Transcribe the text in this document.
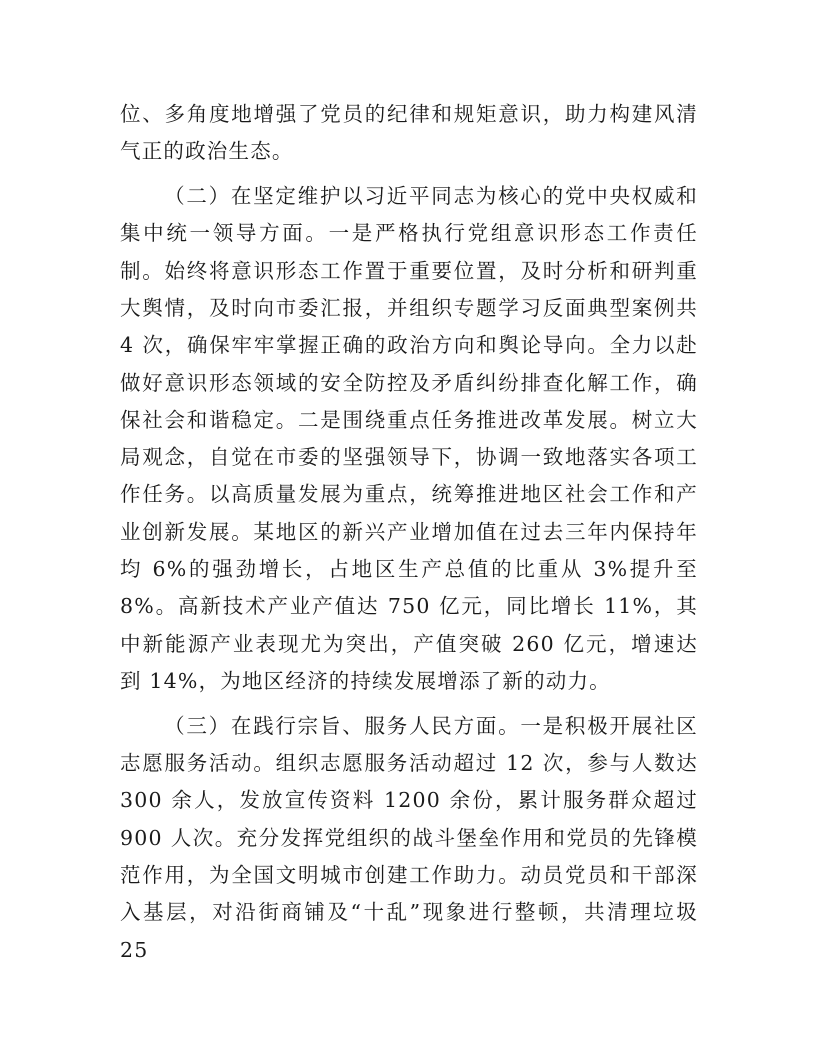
位、多角度地增强了党员的纪律和规矩意识，助力构建风清气正的政治生态。

（二）在坚定维护以习近平同志为核心的党中央权威和集中统一领导方面。一是严格执行党组意识形态工作责任制。始终将意识形态工作置于重要位置，及时分析和研判重大舆情，及时向市委汇报，并组织专题学习反面典型案例共 4 次，确保牢牢掌握正确的政治方向和舆论导向。全力以赴做好意识形态领域的安全防控及矛盾纠纷排查化解工作，确保社会和谐稳定。二是围绕重点任务推进改革发展。树立大局观念，自觉在市委的坚强领导下，协调一致地落实各项工作任务。以高质量发展为重点，统筹推进地区社会工作和产业创新发展。某地区的新兴产业增加值在过去三年内保持年均 6%的强劲增长，占地区生产总值的比重从 3%提升至 8%。高新技术产业产值达 750 亿元，同比增长 11%，其中新能源产业表现尤为突出，产值突破 260 亿元，增速达到 14%，为地区经济的持续发展增添了新的动力。

（三）在践行宗旨、服务人民方面。一是积极开展社区志愿服务活动。组织志愿服务活动超过 12 次，参与人数达 300 余人，发放宣传资料 1200 余份，累计服务群众超过 900 人次。充分发挥党组织的战斗堡垒作用和党员的先锋模范作用，为全国文明城市创建工作助力。动员党员和干部深入基层，对沿街商铺及“十乱”现象进行整顿，共清理垃圾 25
